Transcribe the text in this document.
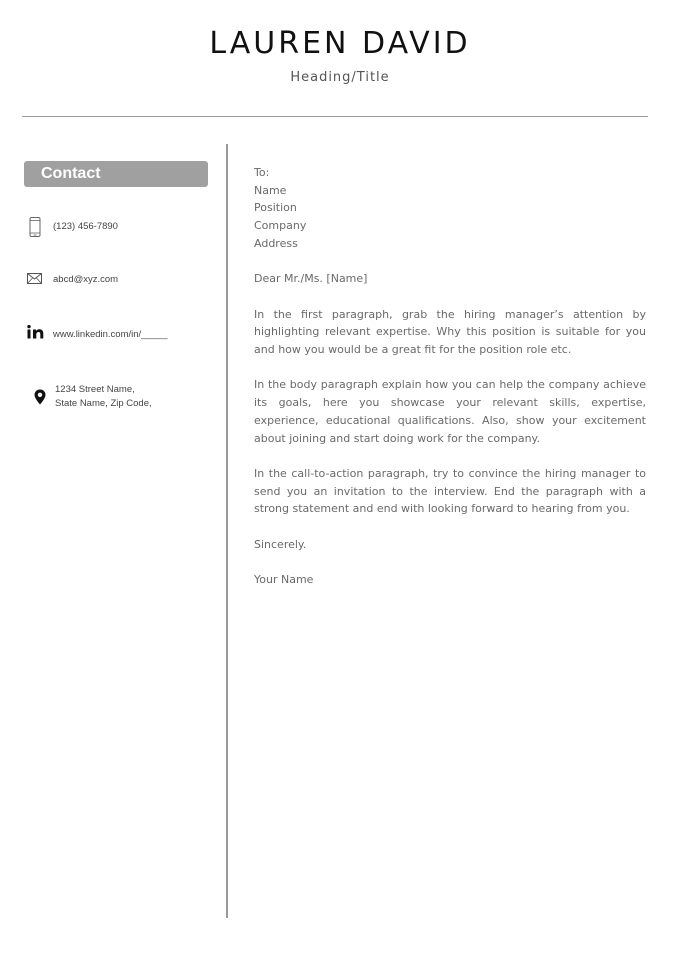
LAUREN DAVID
Heading/Title
Contact
(123) 456-7890
abcd@xyz.com
www.linkedin.com/in/_____
1234 Street Name,
State Name, Zip Code,
To:
Name
Position
Company

Address

Dear Mr./Ms. [Name]

In the first paragraph, grab the hiring manager’s attention by highlighting relevant expertise. Why this position is suitable for you and how you would be a great fit for the position role etc.

In the body paragraph explain how you can help the company achieve its goals, here you showcase your relevant skills, expertise, experience, educational qualifications. Also, show your excitement about joining and start doing work for the company.

In the call-to-action paragraph, try to convince the hiring manager to send you an invitation to the interview. End the paragraph with a strong statement and end with looking forward to hearing from you.

Sincerely.

Your Name
